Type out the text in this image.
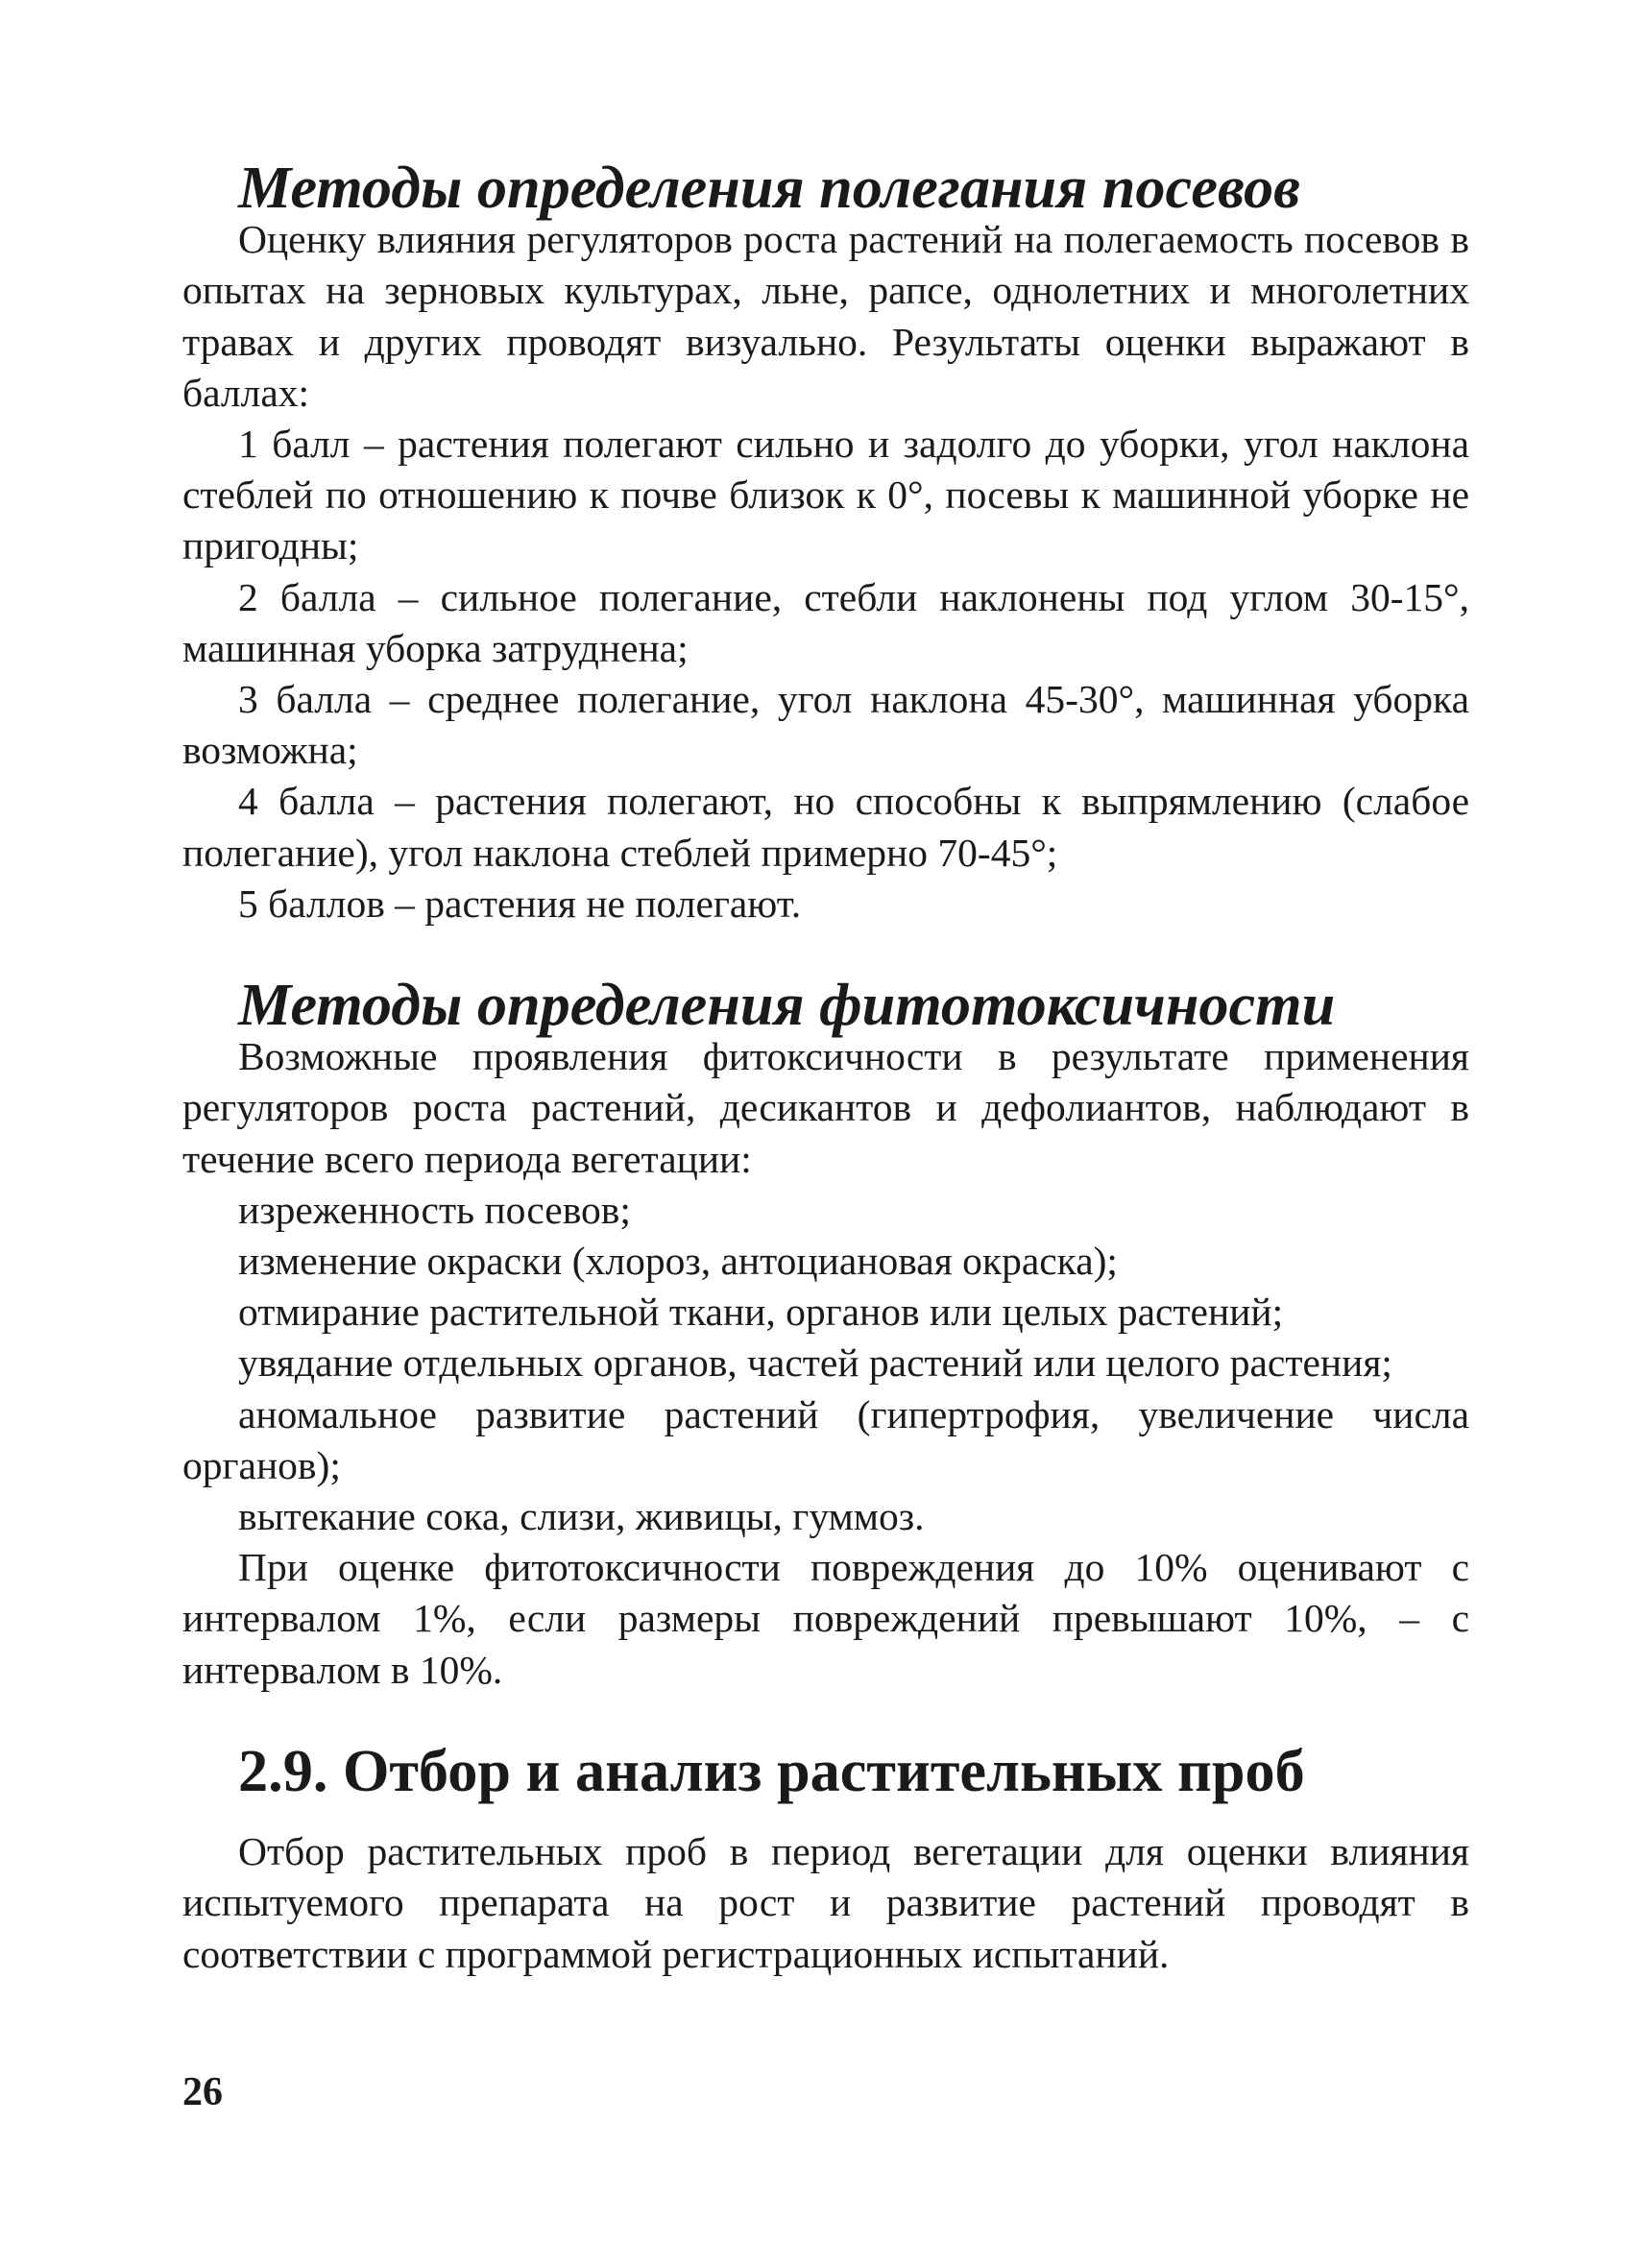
Методы определения полегания посевов

Оценку влияния регуляторов роста растений на полегаемость посевов в опытах на зерновых культурах, льне, рапсе, однолетних и многолетних травах и других проводят визуально. Результаты оценки выражают в баллах:

1 балл – растения полегают сильно и задолго до уборки, угол наклона стеблей по отношению к почве близок к 0°, посевы к машинной уборке не пригодны;

2 балла – сильное полегание, стебли наклонены под углом 30-15°, машинная уборка затруднена;

3 балла – среднее полегание, угол наклона 45-30°, машинная уборка возможна;

4 балла – растения полегают, но способны к выпрямлению (слабое полегание), угол наклона стеблей примерно 70-45°;

5 баллов – растения не полегают.

Методы определения фитотоксичности

Возможные проявления фитоксичности в результате применения регуляторов роста растений, десикантов и дефолиантов, наблюдают в течение всего периода вегетации:

изреженность посевов;

изменение окраски (хлороз, антоциановая окраска);

отмирание растительной ткани, органов или целых растений;

увядание отдельных органов, частей растений или целого растения;

аномальное развитие растений (гипертрофия, увеличение числа органов);

вытекание сока, слизи, живицы, гуммоз.

При оценке фитотоксичности повреждения до 10% оценивают с интервалом 1%, если размеры повреждений превышают 10%, – с интервалом в 10%.

2.9. Отбор и анализ растительных проб

Отбор растительных проб в период вегетации для оценки влияния испытуемого препарата на рост и развитие растений проводят в соответствии с программой регистрационных испытаний.

26
